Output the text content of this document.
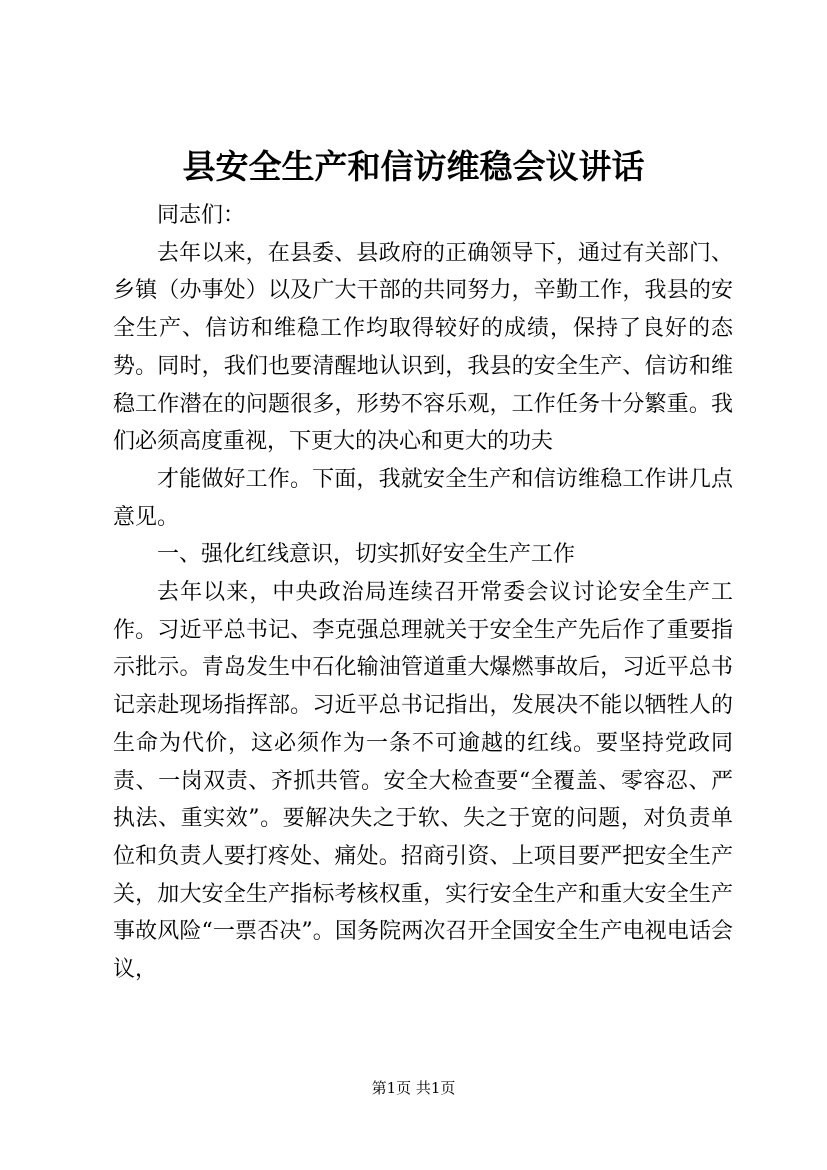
县安全生产和信访维稳会议讲话

同志们：

去年以来，在县委、县政府的正确领导下，通过有关部门、乡镇（办事处）以及广大干部的共同努力，辛勤工作，我县的安全生产、信访和维稳工作均取得较好的成绩，保持了良好的态势。同时，我们也要清醒地认识到，我县的安全生产、信访和维稳工作潜在的问题很多，形势不容乐观，工作任务十分繁重。我们必须高度重视，下更大的决心和更大的功夫

才能做好工作。下面，我就安全生产和信访维稳工作讲几点意见。

一、强化红线意识，切实抓好安全生产工作

去年以来，中央政治局连续召开常委会议讨论安全生产工作。习近平总书记、李克强总理就关于安全生产先后作了重要指示批示。青岛发生中石化输油管道重大爆燃事故后，习近平总书记亲赴现场指挥部。习近平总书记指出，发展决不能以牺牲人的生命为代价，这必须作为一条不可逾越的红线。要坚持党政同责、一岗双责、齐抓共管。安全大检查要“全覆盖、零容忍、严执法、重实效”。要解决失之于软、失之于宽的问题，对负责单位和负责人要打疼处、痛处。招商引资、上项目要严把安全生产关，加大安全生产指标考核权重，实行安全生产和重大安全生产事故风险“一票否决”。国务院两次召开全国安全生产电视电话会议，

第1页 共1页
